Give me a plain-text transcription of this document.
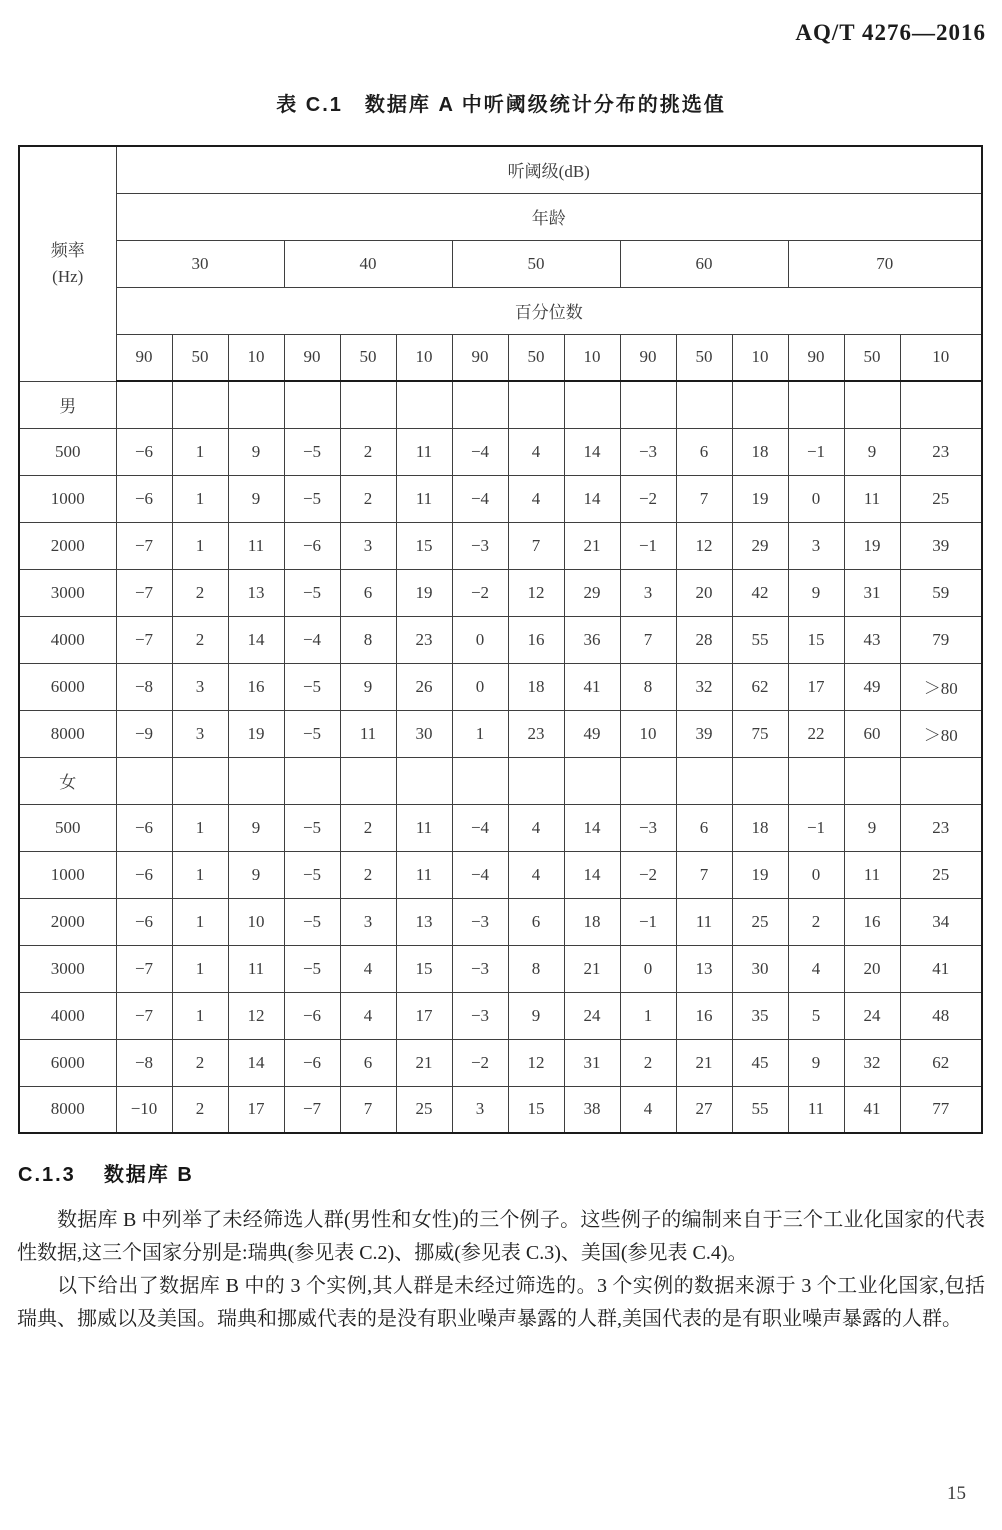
AQ/T 4276—2016
表 C.1　数据库 A 中听阈级统计分布的挑选值
频率
(Hz)	听阈级(dB)														
	年龄														
	30			40			50			60			70		
	百分位数														
	90	50	10	90	50	10	90	50	10	90	50	10	90	50	10
男															
500	−6	1	9	−5	2	11	−4	4	14	−3	6	18	−1	9	23
1000	−6	1	9	−5	2	11	−4	4	14	−2	7	19	0	11	25
2000	−7	1	11	−6	3	15	−3	7	21	−1	12	29	3	19	39
3000	−7	2	13	−5	6	19	−2	12	29	3	20	42	9	31	59
4000	−7	2	14	−4	8	23	0	16	36	7	28	55	15	43	79
6000	−8	3	16	−5	9	26	0	18	41	8	32	62	17	49	＞80
8000	−9	3	19	−5	11	30	1	23	49	10	39	75	22	60	＞80
女															
500	−6	1	9	−5	2	11	−4	4	14	−3	6	18	−1	9	23
1000	−6	1	9	−5	2	11	−4	4	14	−2	7	19	0	11	25
2000	−6	1	10	−5	3	13	−3	6	18	−1	11	25	2	16	34
3000	−7	1	11	−5	4	15	−3	8	21	0	13	30	4	20	41
4000	−7	1	12	−6	4	17	−3	9	24	1	16	35	5	24	48
6000	−8	2	14	−6	6	21	−2	12	31	2	21	45	9	32	62
8000	−10	2	17	−7	7	25	3	15	38	4	27	55	11	41	77
C.1.3 数据库 B

数据库 B 中列举了未经筛选人群(男性和女性)的三个例子。这些例子的编制来自于三个工业化国家的代表性数据,这三个国家分别是:瑞典(参见表 C.2)、挪威(参见表 C.3)、美国(参见表 C.4)。

以下给出了数据库 B 中的 3 个实例,其人群是未经过筛选的。3 个实例的数据来源于 3 个工业化国家,包括瑞典、挪威以及美国。瑞典和挪威代表的是没有职业噪声暴露的人群,美国代表的是有职业噪声暴露的人群。

15
